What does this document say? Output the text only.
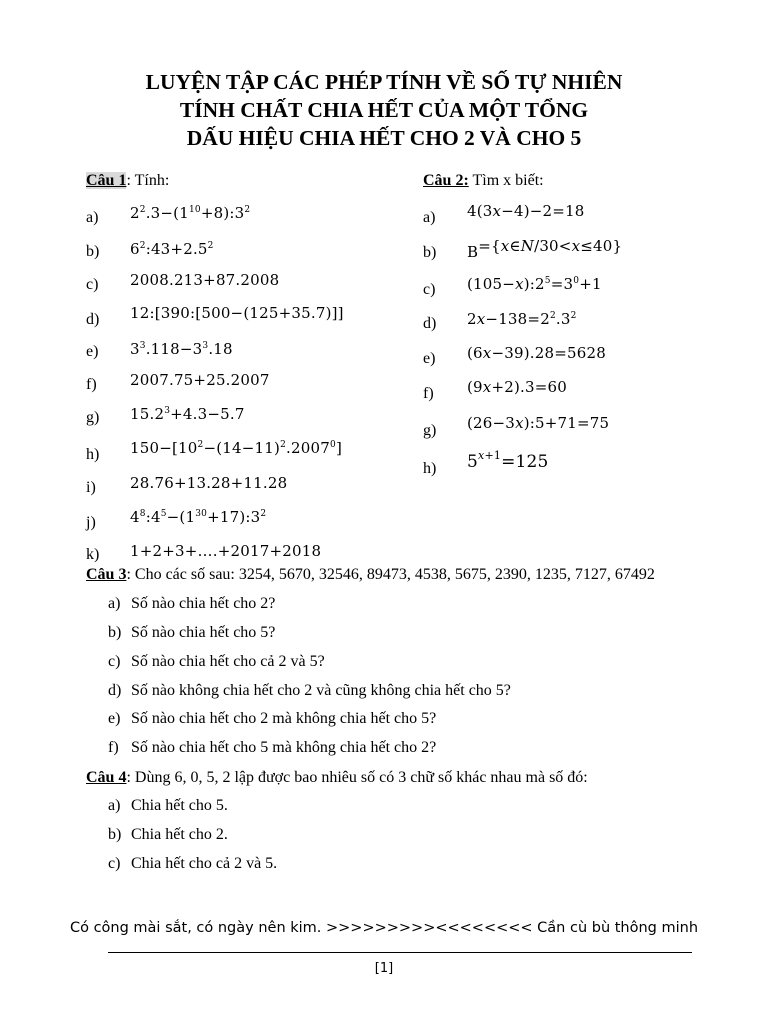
LUYỆN TẬP CÁC PHÉP TÍNH VỀ SỐ TỰ NHIÊN
TÍNH CHẤT CHIA HẾT CỦA MỘT TỔNG
DẤU HIỆU CHIA HẾT CHO 2 VÀ CHO 5
Câu 1: Tính:
a)
b)
c)
d)
e)
f)
g)
h)
i)
j)
k)
$2^2.3-(1^{10}+8):3^2$
$6^2:43+2.5^2$
2008.213+87.2008
12:[390:[500−(125+35.7)]]
$3^3.118-3^3.18$
2007.75+25.2007
$15.2^3+4.3-5.7$
$150-[10^2-(14-11)^2.2007^0]$
28.76+13.28+11.28
$4^8:4^5-(1^{30}+17):3^2$
1+2+3+….+2017+2018
Câu 2: Tìm x biết:
a)
b)
c)
d)
e)
f)
g)
h)
4(3x−4)−2=18
B={x∈N/30<x≤40}
$(105-x):2^5=3^0+1$
$2x-138=2^2.3^2$
(6x−39).28=5628
(9x+2).3=60
(26−3x):5+71=75
$5^{x+1}=125$
Câu 3: Cho các số sau: 3254, 5670, 32546, 89473, 4538, 5675, 2390, 1235, 7127, 67492
a) Số nào chia hết cho 2?
b) Số nào chia hết cho 5?
c) Số nào chia hết cho cả 2 và 5?
d) Số nào không chia hết cho 2 và cũng không chia hết cho 5?
e) Số nào chia hết cho 2 mà không chia hết cho 5?
f) Số nào chia hết cho 5 mà không chia hết cho 2?
Câu 4: Dùng 6, 0, 5, 2 lập được bao nhiêu số có 3 chữ số khác nhau mà số đó:
a) Chia hết cho 5.
b) Chia hết cho 2.
c) Chia hết cho cả 2 và 5.
Có công mài sắt, có ngày nên kim. >>>>>>>>><<<<<<<< Cần cù bù thông minh
[1]
